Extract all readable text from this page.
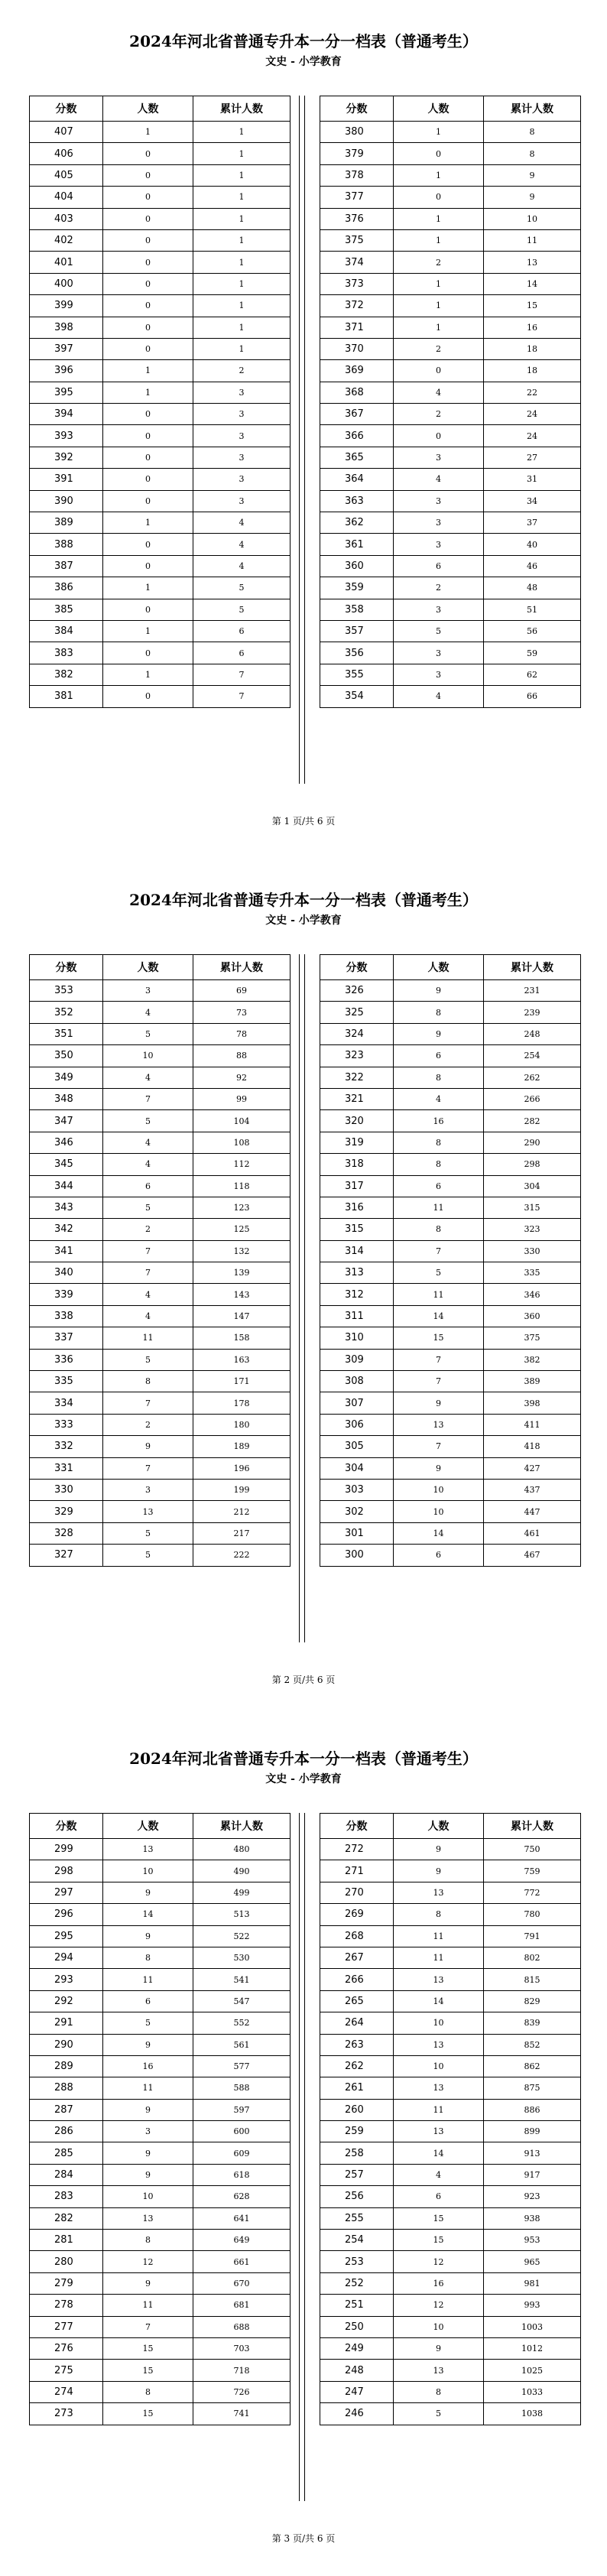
2024年河北省普通专升本一分一档表（普通考生）
文史 - 小学教育
分数	人数	累计人数
407	1	1
406	0	1
405	0	1
404	0	1
403	0	1
402	0	1
401	0	1
400	0	1
399	0	1
398	0	1
397	0	1
396	1	2
395	1	3
394	0	3
393	0	3
392	0	3
391	0	3
390	0	3
389	1	4
388	0	4
387	0	4
386	1	5
385	0	5
384	1	6
383	0	6
382	1	7
381	0	7
分数	人数	累计人数
380	1	8
379	0	8
378	1	9
377	0	9
376	1	10
375	1	11
374	2	13
373	1	14
372	1	15
371	1	16
370	2	18
369	0	18
368	4	22
367	2	24
366	0	24
365	3	27
364	4	31
363	3	34
362	3	37
361	3	40
360	6	46
359	2	48
358	3	51
357	5	56
356	3	59
355	3	62
354	4	66
第 1 页/共 6 页
2024年河北省普通专升本一分一档表（普通考生）
文史 - 小学教育
分数	人数	累计人数
353	3	69
352	4	73
351	5	78
350	10	88
349	4	92
348	7	99
347	5	104
346	4	108
345	4	112
344	6	118
343	5	123
342	2	125
341	7	132
340	7	139
339	4	143
338	4	147
337	11	158
336	5	163
335	8	171
334	7	178
333	2	180
332	9	189
331	7	196
330	3	199
329	13	212
328	5	217
327	5	222
分数	人数	累计人数
326	9	231
325	8	239
324	9	248
323	6	254
322	8	262
321	4	266
320	16	282
319	8	290
318	8	298
317	6	304
316	11	315
315	8	323
314	7	330
313	5	335
312	11	346
311	14	360
310	15	375
309	7	382
308	7	389
307	9	398
306	13	411
305	7	418
304	9	427
303	10	437
302	10	447
301	14	461
300	6	467
第 2 页/共 6 页
2024年河北省普通专升本一分一档表（普通考生）
文史 - 小学教育
分数	人数	累计人数
299	13	480
298	10	490
297	9	499
296	14	513
295	9	522
294	8	530
293	11	541
292	6	547
291	5	552
290	9	561
289	16	577
288	11	588
287	9	597
286	3	600
285	9	609
284	9	618
283	10	628
282	13	641
281	8	649
280	12	661
279	9	670
278	11	681
277	7	688
276	15	703
275	15	718
274	8	726
273	15	741
分数	人数	累计人数
272	9	750
271	9	759
270	13	772
269	8	780
268	11	791
267	11	802
266	13	815
265	14	829
264	10	839
263	13	852
262	10	862
261	13	875
260	11	886
259	13	899
258	14	913
257	4	917
256	6	923
255	15	938
254	15	953
253	12	965
252	16	981
251	12	993
250	10	1003
249	9	1012
248	13	1025
247	8	1033
246	5	1038
第 3 页/共 6 页
